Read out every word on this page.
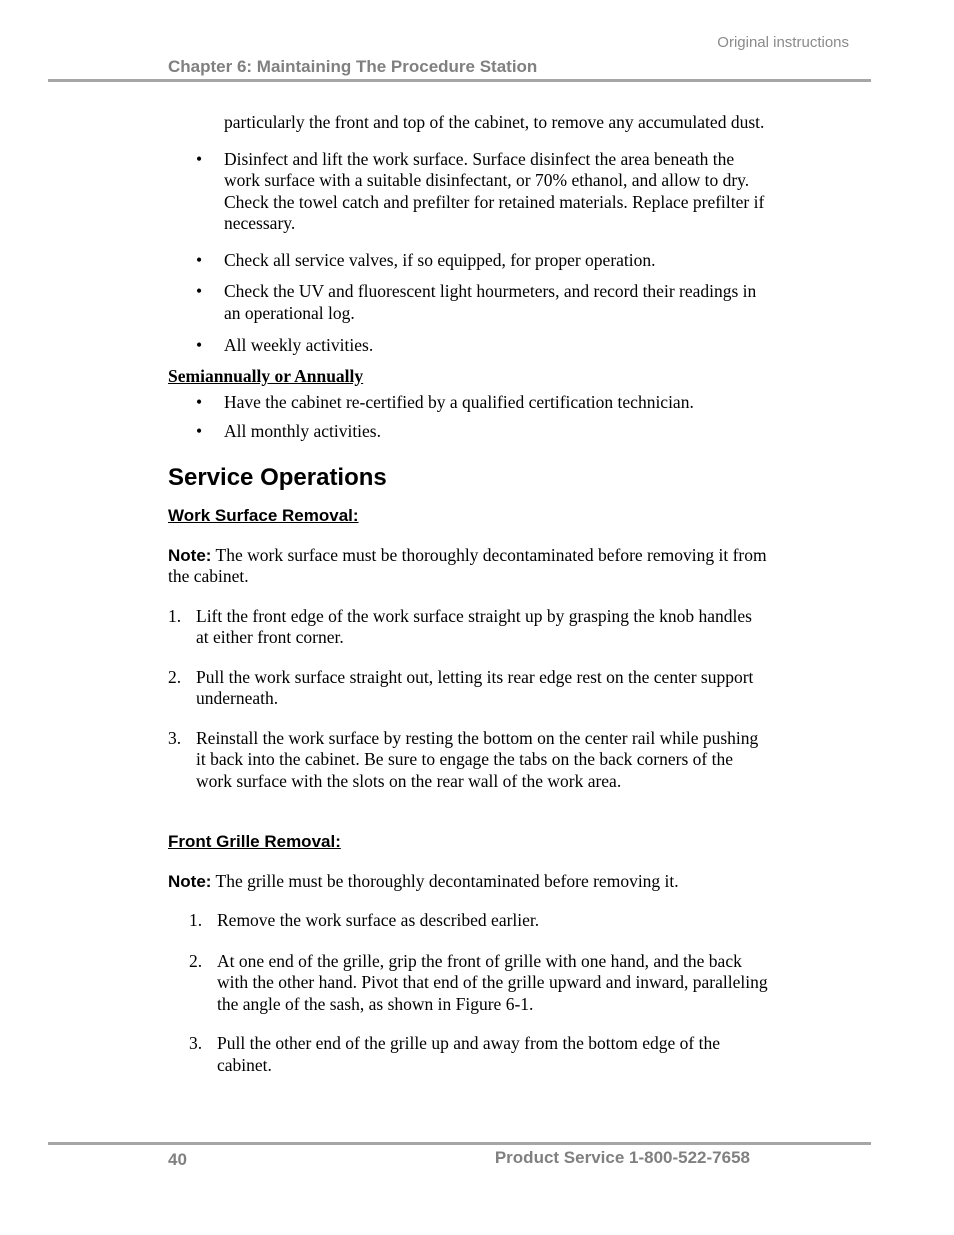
Original instructions
Chapter 6: Maintaining The Procedure Station

particularly the front and top of the cabinet, to remove any accumulated dust.

• Disinfect and lift the work surface. Surface disinfect the area beneath the work surface with a suitable disinfectant, or 70% ethanol, and allow to dry. Check the towel catch and prefilter for retained materials. Replace prefilter if necessary.

• Check all service valves, if so equipped, for proper operation.

• Check the UV and fluorescent light hourmeters, and record their readings in an operational log.

• All weekly activities.

Semiannually or Annually

• Have the cabinet re-certified by a qualified certification technician.

• All monthly activities.

Service Operations
Work Surface Removal:

Note: The work surface must be thoroughly decontaminated before removing it from the cabinet.

1. Lift the front edge of the work surface straight up by grasping the knob handles at either front corner.

2. Pull the work surface straight out, letting its rear edge rest on the center support underneath.

3. Reinstall the work surface by resting the bottom on the center rail while pushing it back into the cabinet. Be sure to engage the tabs on the back corners of the work surface with the slots on the rear wall of the work area.

Front Grille Removal:

Note: The grille must be thoroughly decontaminated before removing it.

1. Remove the work surface as described earlier.

2. At one end of the grille, grip the front of grille with one hand, and the back with the other hand. Pivot that end of the grille upward and inward, paralleling the angle of the sash, as shown in Figure 6-1.

3. Pull the other end of the grille up and away from the bottom edge of the cabinet.

40	Product Service 1-800-522-7658
